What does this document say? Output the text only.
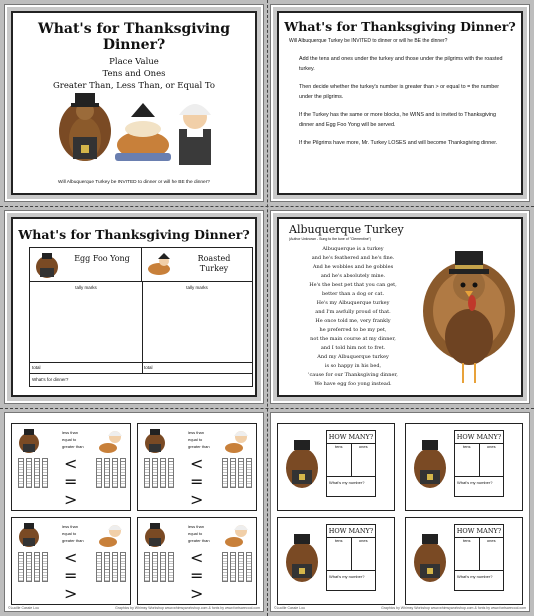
What's for Thanksgiving Dinner?
Place Value
Tens and Ones
Greater Than, Less Than, or Equal To
Will Albuquerque Turkey be INVITED to dinner or will he BE the dinner?
What's for Thanksgiving Dinner?
Will Albuquerque Turkey be INVITED to dinner or will he BE the dinner?
Add the tens and ones under the turkey and those under the pilgrims with the roasted turkey.
Then decide whether the turkey's number is greater than > or equal to = the number under the pilgrims.
If the Turkey has the same or more blocks, he WINS and is invited to Thanksgiving dinner and Egg Foo Yong will be served.
If the Pilgrims have more, Mr. Turkey LOSES and will become Thanksgiving dinner.
What's for Thanksgiving Dinner?
Egg Foo Yong	Roasted Turkey
tally marks	tally marks
total	total
What's for dinner?
Albuquerque Turkey
(Author Unknown - Sung to the tune of "Clementine")
Albuquerque is a turkey
and he's feathered and he's fine.
And he wobbles and he gobbles
and he's absolutely mine.
He's the best pet that you can get,
better than a dog or cat.
He's my Albuquerque turkey
and I'm awfully proud of that.
He once told me, very frankly
he preferred to be my pet,
not the main course at my dinner,
and I told him not to fret.
And my Albuquerque turkey
is so happy in his bed,
'cause for our Thanksgiving dinner,
We have egg foo yong instead.
less than
equal to
greater than
<
=
>
less than
equal to
greater than
<
=
>
less than
equal to
greater than
<
=
>
less than
equal to
greater than
<
=
>
©Lucille Cassie Lou	Graphics by Whimsy Workshop www.whimsyworkshop.com & fonts by www.fontsarecool.com
HOW MANY?
tens	ones
What's my number?
HOW MANY?
tens	ones
What's my number?
HOW MANY?
tens	ones
What's my number?
HOW MANY?
tens	ones
What's my number?
©Lucille Cassie Lou	Graphics by Whimsy Workshop www.whimsyworkshop.com & fonts by www.fontsarecool.com
